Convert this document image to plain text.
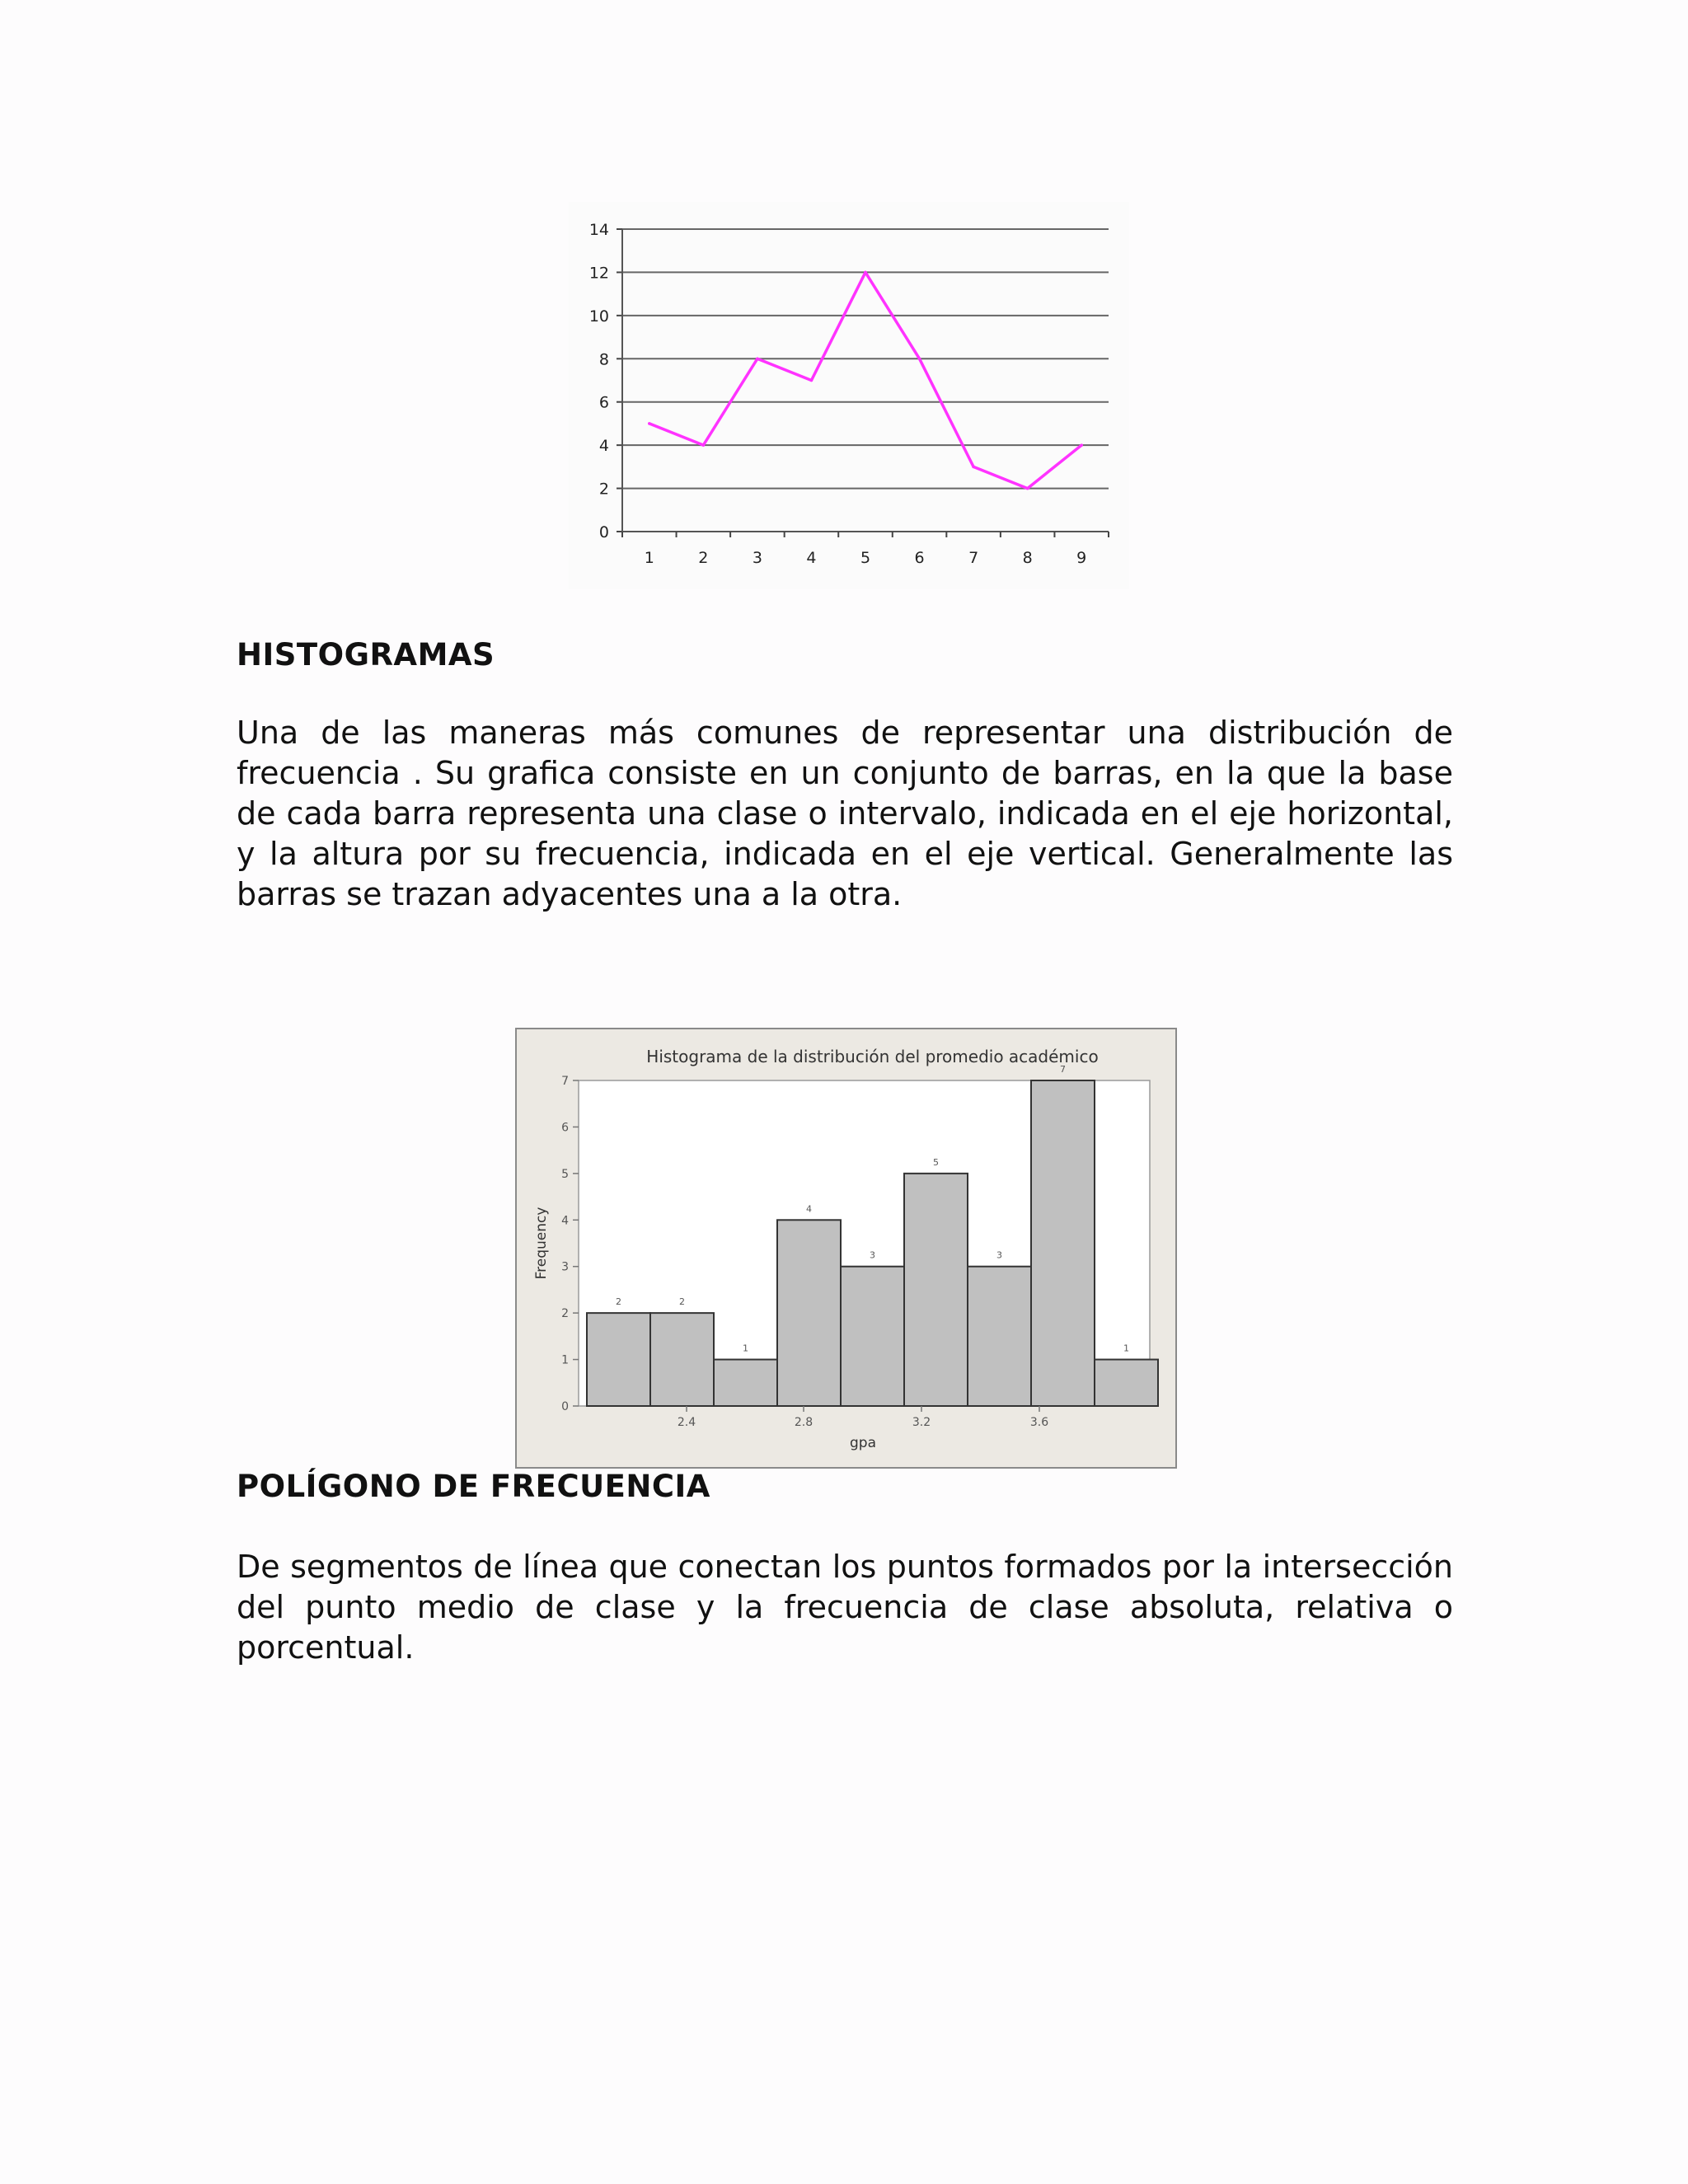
0
2
4
6
8
10
12
14
1	2	3	4	5	6	7	8	9
HISTOGRAMAS

Una de las maneras más comunes de representar una distribución de frecuencia . Su grafica consiste en un conjunto de barras, en la que la base de cada barra representa una clase o intervalo, indicada en el eje horizontal, y la altura por su frecuencia, indicada en el eje vertical. Generalmente las barras se trazan adyacentes una a la otra.

Histograma de la distribución del promedio académico
0
1
2
3
4
5
6
7
Frequency
2	2
1
4
3
5
3
7
1
2.4	2.8	3.2	3.6
gpa
POLÍGONO DE FRECUENCIA

De segmentos de línea que conectan los puntos formados por la intersección del punto medio de clase y la frecuencia de clase absoluta, relativa o porcentual.
